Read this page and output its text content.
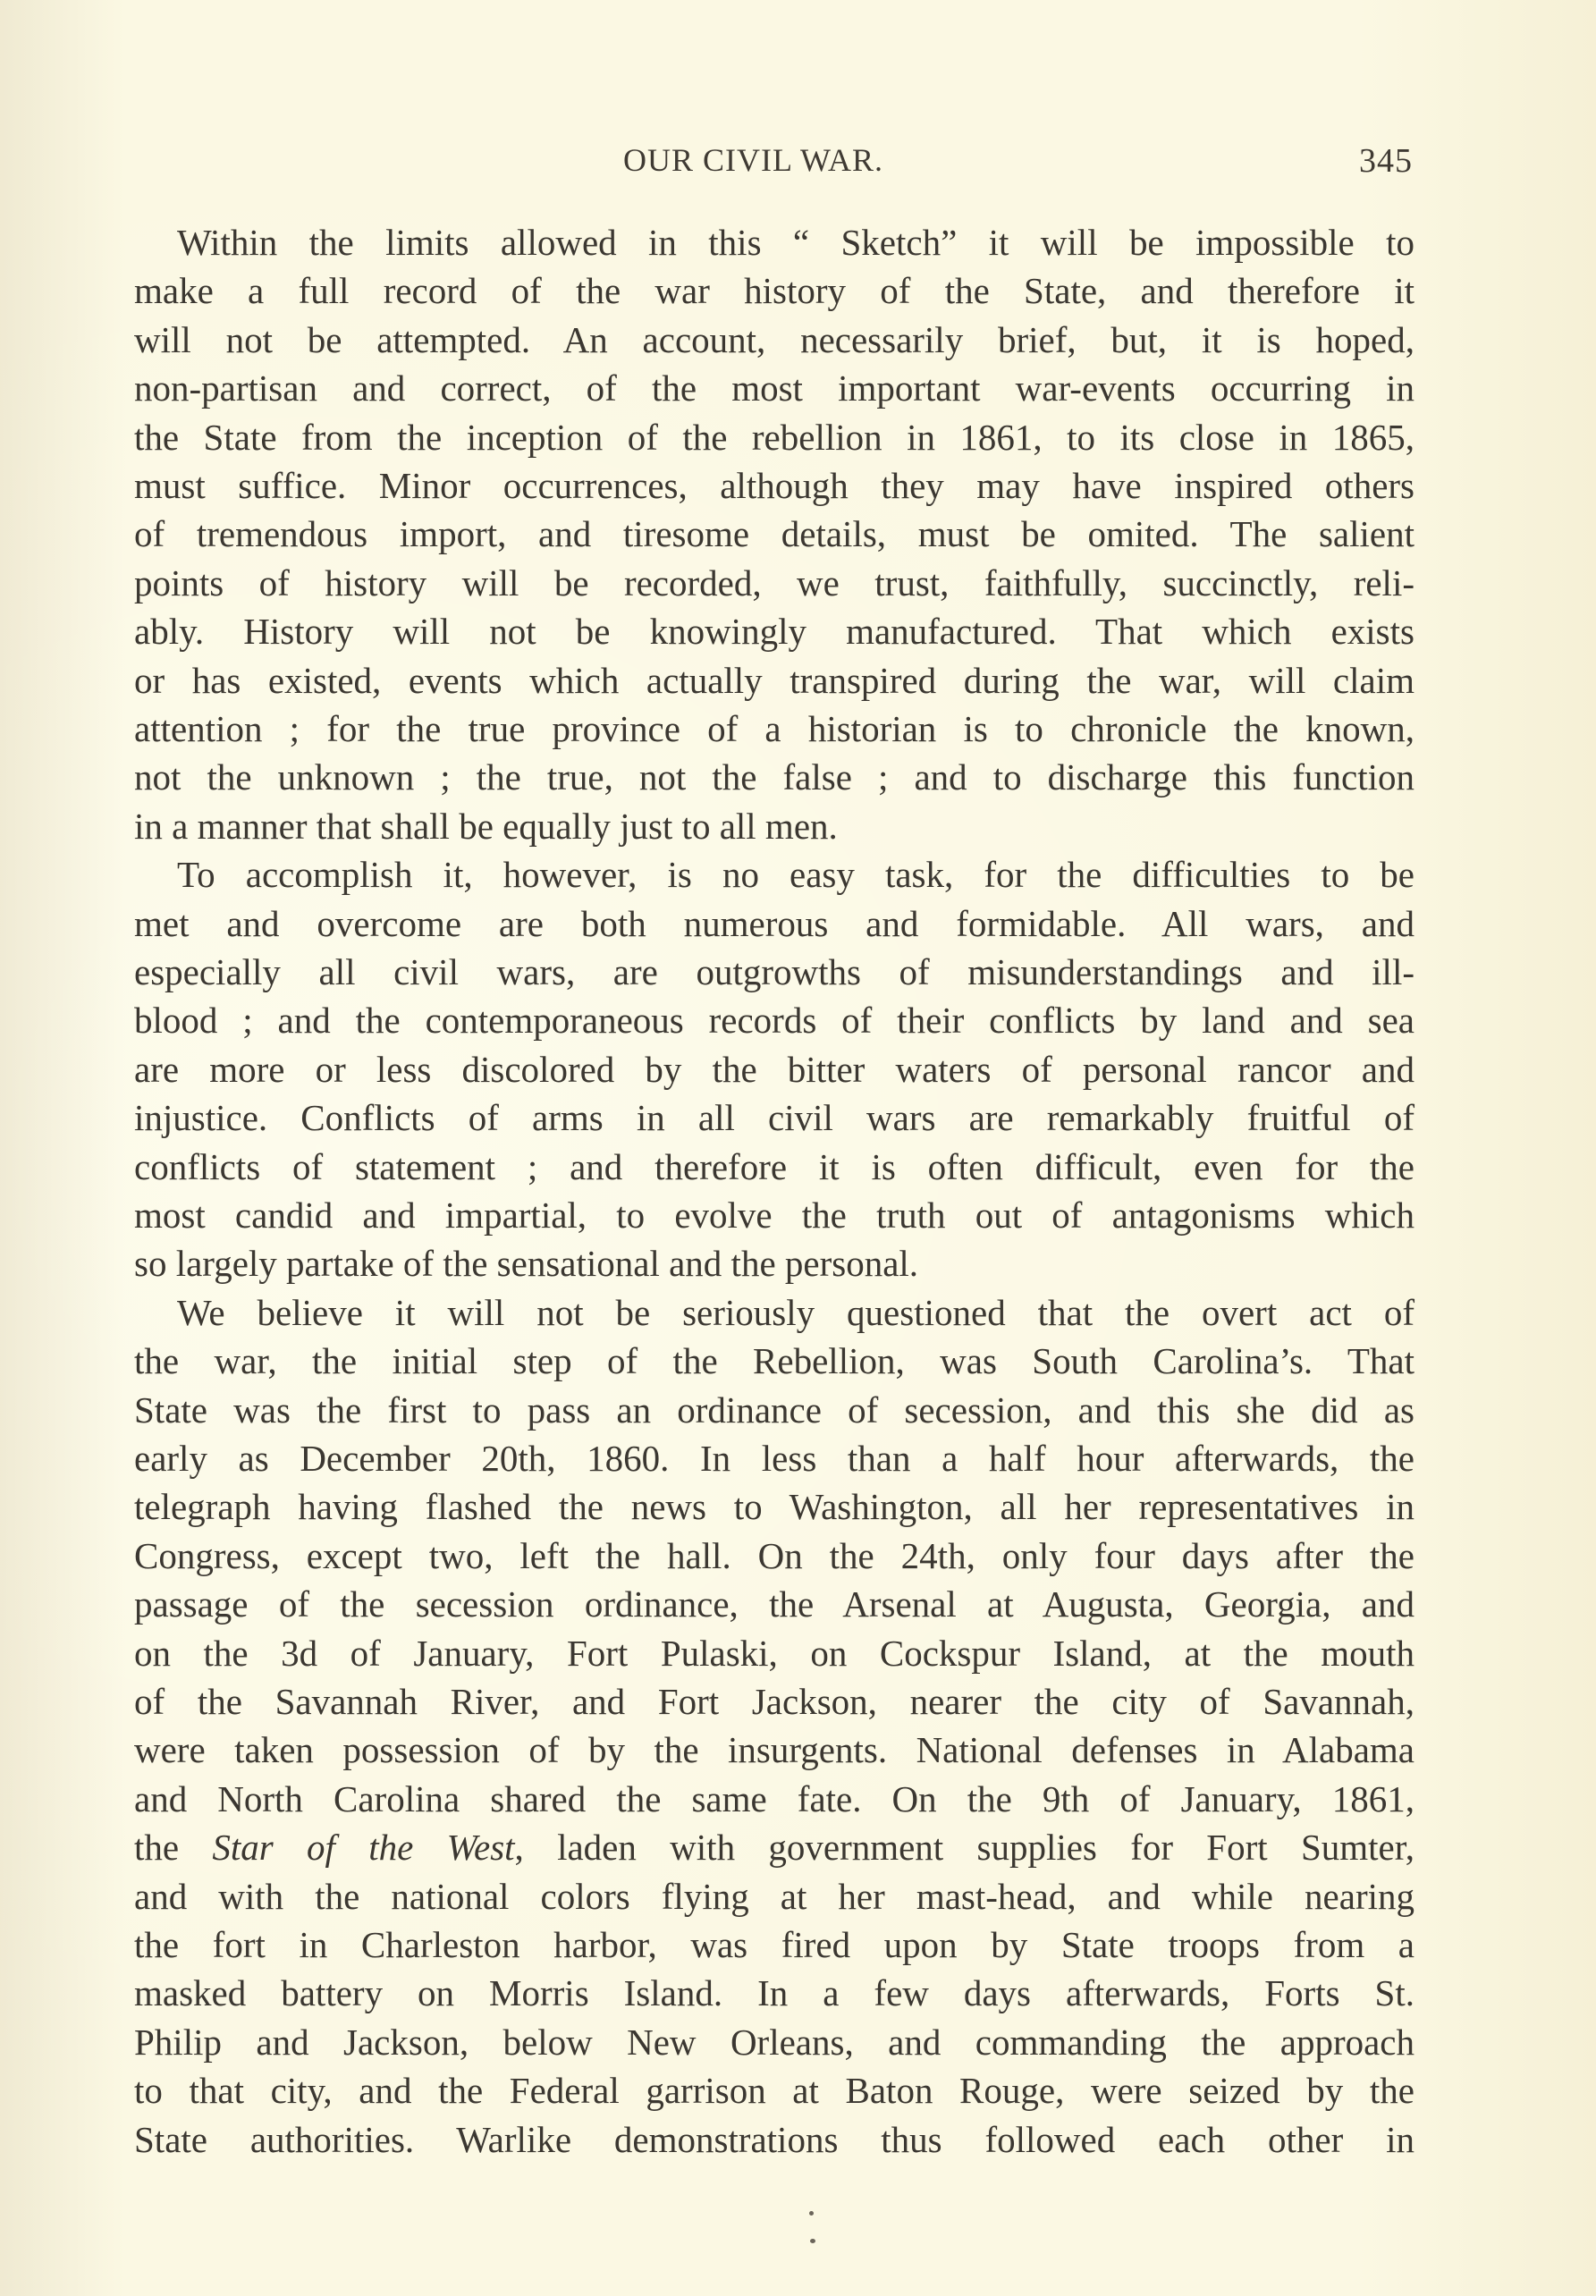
OUR CIVIL WAR.	345
Within the limits allowed in this “ Sketch” it will be impossible to
make a full record of the war history of the State, and therefore it
will not be attempted. An account, necessarily brief, but, it is hoped,
non-partisan and correct, of the most important war-events occurring in
the State from the inception of the rebellion in 1861, to its close in 1865,
must suffice. Minor occurrences, although they may have inspired others
of tremendous import, and tiresome details, must be omited. The salient
points of history will be recorded, we trust, faithfully, succinctly, reli-
ably. History will not be knowingly manufactured. That which exists
or has existed, events which actually transpired during the war, will claim
attention ; for the true province of a historian is to chronicle the known,
not the unknown ; the true, not the false ; and to discharge this function
in a manner that shall be equally just to all men.
To accomplish it, however, is no easy task, for the difficulties to be
met and overcome are both numerous and formidable. All wars, and
especially all civil wars, are outgrowths of misunderstandings and ill-
blood ; and the contemporaneous records of their conflicts by land and sea
are more or less discolored by the bitter waters of personal rancor and
injustice. Conflicts of arms in all civil wars are remarkably fruitful of
conflicts of statement ; and therefore it is often difficult, even for the
most candid and impartial, to evolve the truth out of antagonisms which
so largely partake of the sensational and the personal.
We believe it will not be seriously questioned that the overt act of
the war, the initial step of the Rebellion, was South Carolina’s. That
State was the first to pass an ordinance of secession, and this she did as
early as December 20th, 1860. In less than a half hour afterwards, the
telegraph having flashed the news to Washington, all her representatives in
Congress, except two, left the hall. On the 24th, only four days after the
passage of the secession ordinance, the Arsenal at Augusta, Georgia, and
on the 3d of January, Fort Pulaski, on Cockspur Island, at the mouth
of the Savannah River, and Fort Jackson, nearer the city of Savannah,
were taken possession of by the insurgents. National defenses in Alabama
and North Carolina shared the same fate. On the 9th of January, 1861,
the Star of the West, laden with government supplies for Fort Sumter,
and with the national colors flying at her mast-head, and while nearing
the fort in Charleston harbor, was fired upon by State troops from a
masked battery on Morris Island. In a few days afterwards, Forts St.
Philip and Jackson, below New Orleans, and commanding the approach
to that city, and the Federal garrison at Baton Rouge, were seized by the
State authorities. Warlike demonstrations thus followed each other in
